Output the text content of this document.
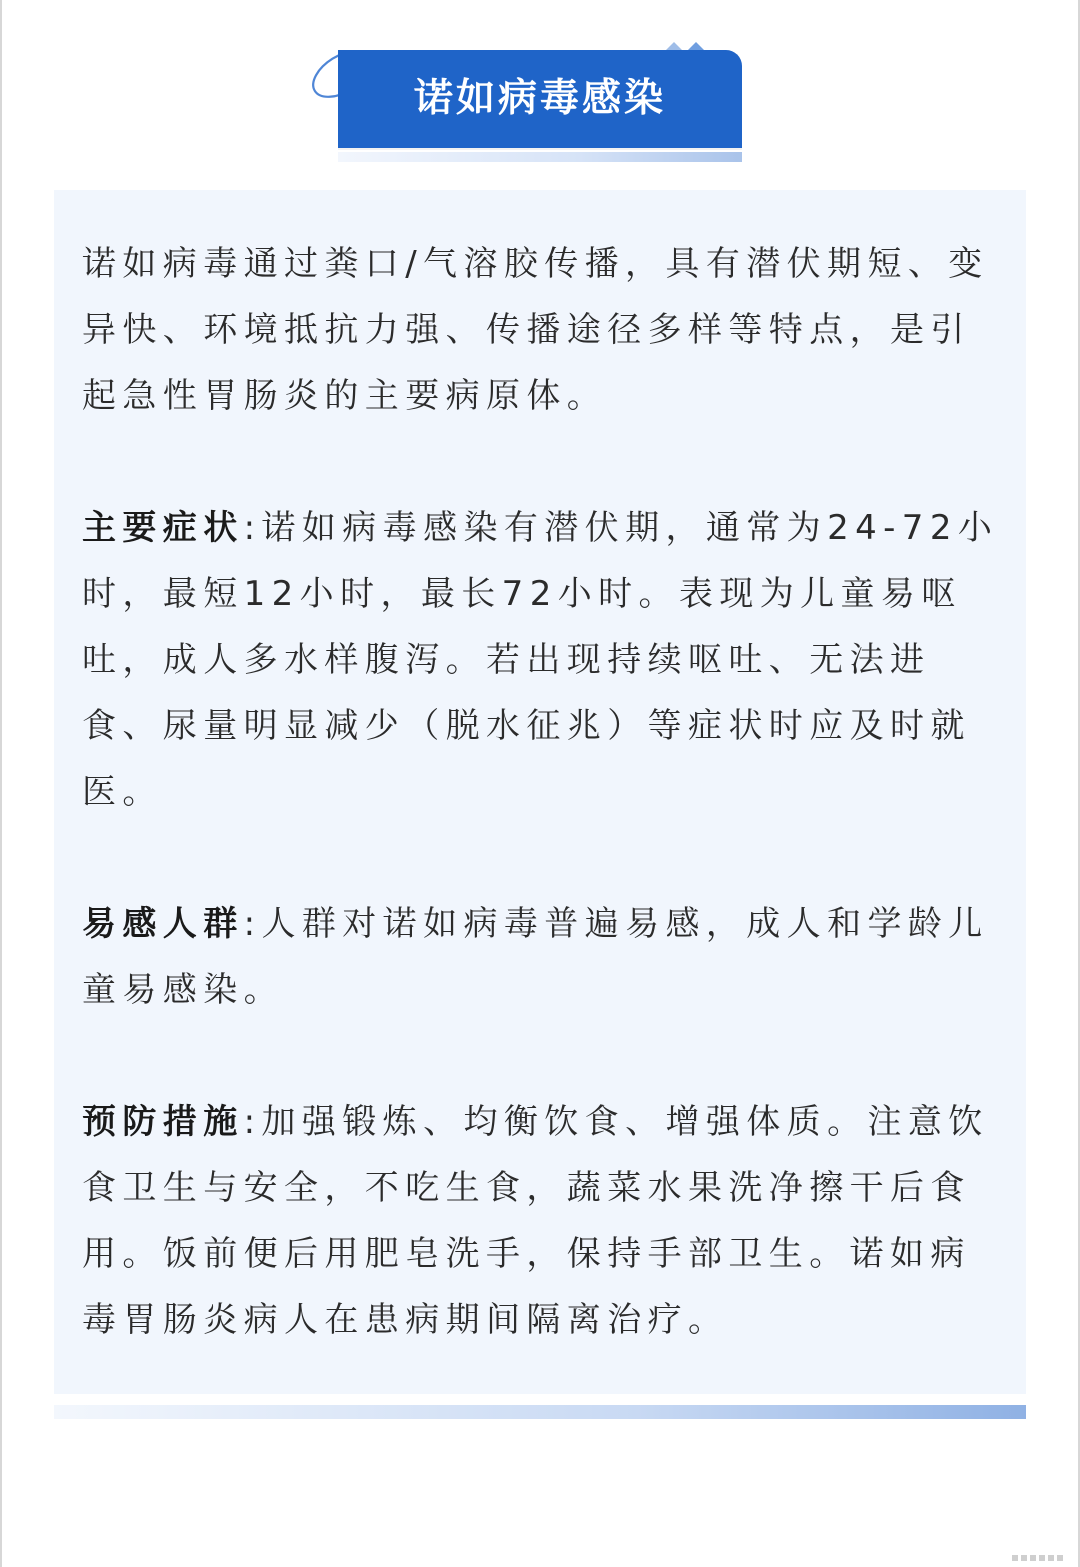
诺如病毒感染

诺如病毒通过粪口/气溶胶传播，具有潜伏期短、变异快、环境抵抗力强、传播途径多样等特点，是引起急性胃肠炎的主要病原体。

主要症状:诺如病毒感染有潜伏期，通常为24-72小时，最短12小时，最长72小时。表现为儿童易呕吐，成人多水样腹泻。若出现持续呕吐、无法进食、尿量明显减少（脱水征兆）等症状时应及时就医。

易感人群:人群对诺如病毒普遍易感，成人和学龄儿童易感染。

预防措施:加强锻炼、均衡饮食、增强体质。注意饮食卫生与安全，不吃生食，蔬菜水果洗净擦干后食用。饭前便后用肥皂洗手，保持手部卫生。诺如病毒胃肠炎病人在患病期间隔离治疗。
